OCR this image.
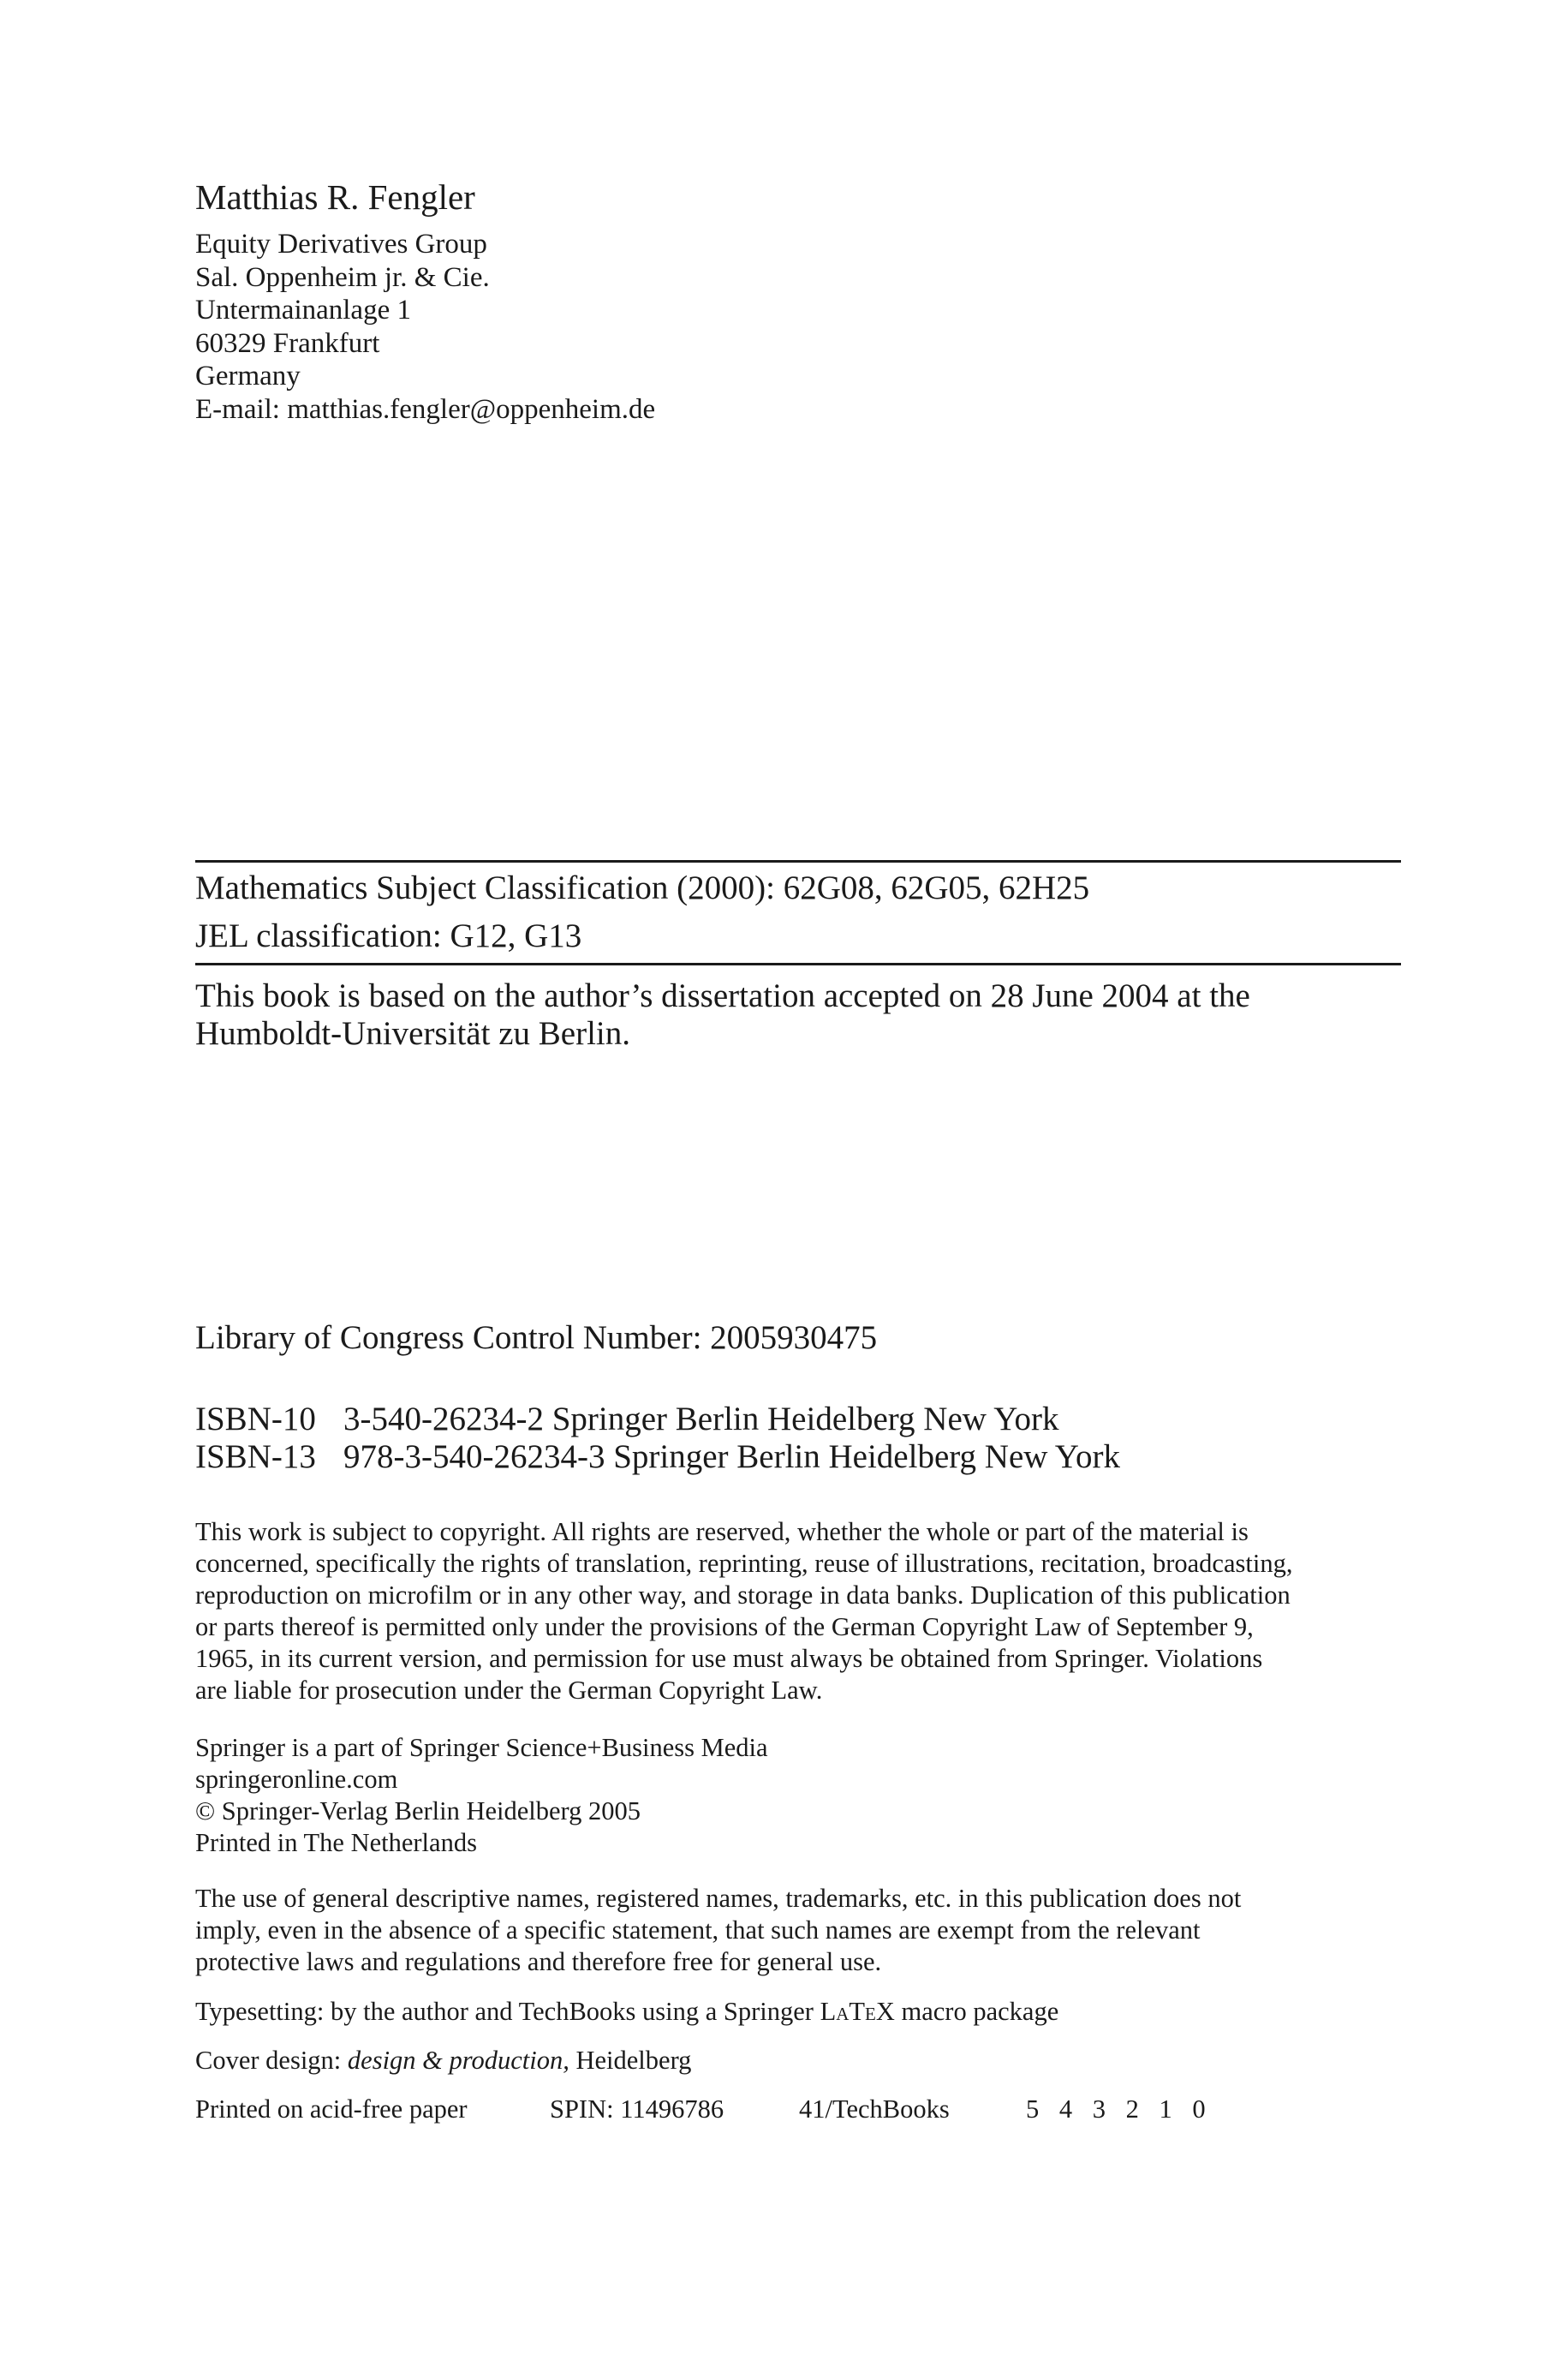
Matthias R. Fengler
Equity Derivatives Group
Sal. Oppenheim jr. & Cie.
Untermainanlage 1
60329 Frankfurt
Germany
E-mail: matthias.fengler@oppenheim.de
Mathematics Subject Classification (2000): 62G08, 62G05, 62H25
JEL classification: G12, G13
This book is based on the author’s dissertation accepted on 28 June 2004 at the
Humboldt-Universität zu Berlin.
Library of Congress Control Number: 2005930475
ISBN-10 3-540-26234-2 Springer Berlin Heidelberg New York
ISBN-13 978-3-540-26234-3 Springer Berlin Heidelberg New York
This work is subject to copyright. All rights are reserved, whether the whole or part of the material is
concerned, specifically the rights of translation, reprinting, reuse of illustrations, recitation, broadcasting,
reproduction on microfilm or in any other way, and storage in data banks. Duplication of this publication
or parts thereof is permitted only under the provisions of the German Copyright Law of September 9,
1965, in its current version, and permission for use must always be obtained from Springer. Violations
are liable for prosecution under the German Copyright Law.
Springer is a part of Springer Science+Business Media
springeronline.com
© Springer-Verlag Berlin Heidelberg 2005
Printed in The Netherlands
The use of general descriptive names, registered names, trademarks, etc. in this publication does not
imply, even in the absence of a specific statement, that such names are exempt from the relevant
protective laws and regulations and therefore free for general use.
Typesetting: by the author and TechBooks using a Springer LaTeX macro package
Cover design: design & production, Heidelberg
Printed on acid-free paper	SPIN: 11496786	41/TechBooks	5 4 3 2 1 0
